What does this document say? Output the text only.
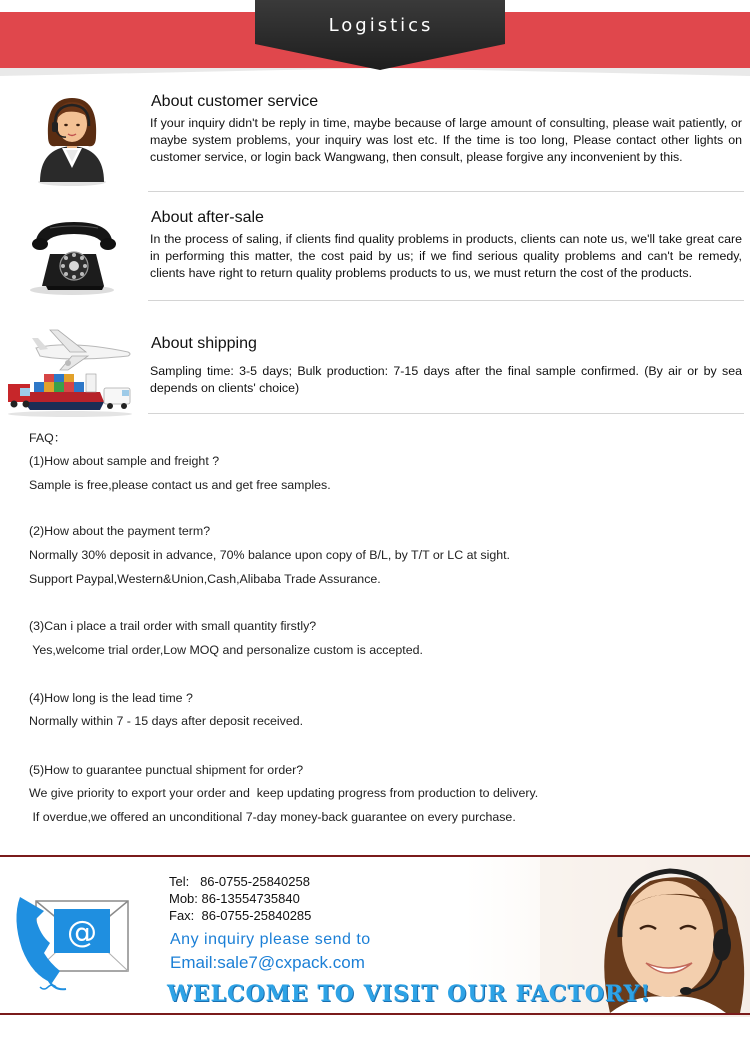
Logistics
About customer service

If your inquiry didn't be reply in time, maybe because of large amount of consulting, please wait patiently, or maybe system problems, your inquiry was lost etc. If the time is too long, Please contact other lights on customer service, or login back Wangwang, then consult, please forgive any inconvenient by this.

About after-sale

In the process of saling, if clients find quality problems in products, clients can note us, we'll take great care in performing this matter, the cost paid by us; if we find serious quality problems and can't be remedy, clients have right to return quality problems products to us, we must return the cost of the products.

About shipping

Sampling time: 3-5 days; Bulk production: 7-15 days after the final sample confirmed. (By air or by sea depends on clients' choice)

FAQ：
(1)How about sample and freight ?
Sample is free,please contact us and get free samples.
(2)How about the payment term?
Normally 30% deposit in advance, 70% balance upon copy of B/L, by T/T or LC at sight.
Support Paypal,Western&Union,Cash,Alibaba Trade Assurance.
(3)Can i place a trail order with small quantity firstly?
Yes,welcome trial order,Low MOQ and personalize custom is accepted.
(4)How long is the lead time ?
Normally within 7 - 15 days after deposit received.
(5)How to guarantee punctual shipment for order?
We give priority to export your order and  keep updating progress from production to delivery.
If overdue,we offered an unconditional 7-day money-back guarantee on every purchase.
@
Tel:   86-0755-25840258
Mob: 86-13554735840
Fax:  86-0755-25840285
Any inquiry please send to
Email:sale7@cxpack.com
WELCOME TO VISIT OUR FACTORY!
